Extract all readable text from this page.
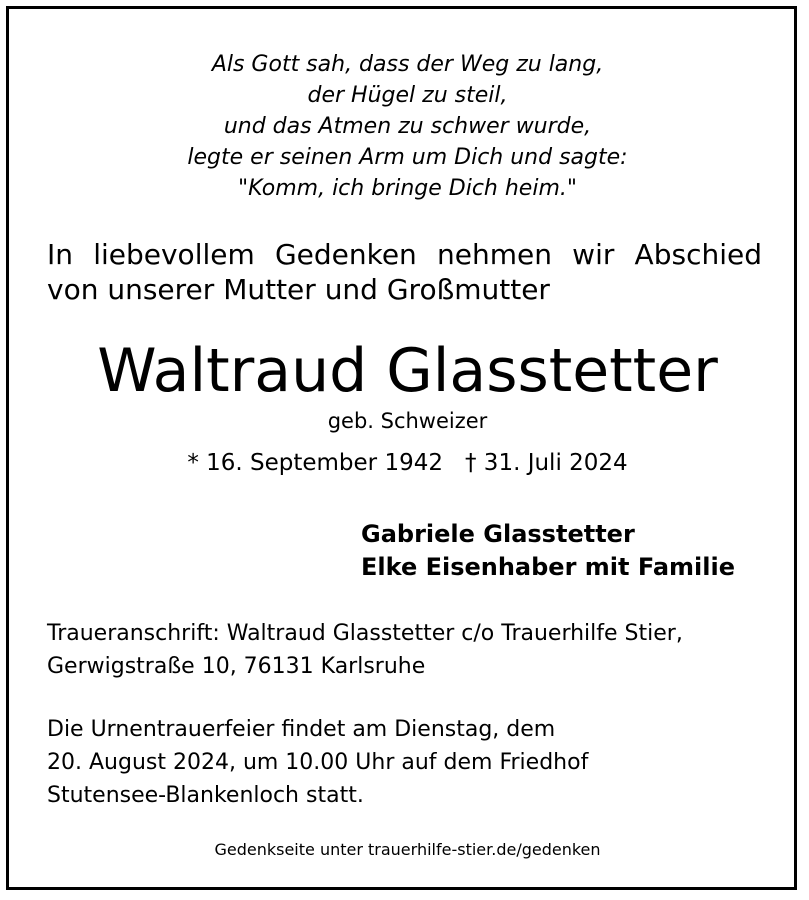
Als Gott sah, dass der Weg zu lang,
der Hügel zu steil,
und das Atmen zu schwer wurde,
legte er seinen Arm um Dich und sagte:
"Komm, ich bringe Dich heim."
In liebevollem Gedenken nehmen wir Abschied
von unserer Mutter und Großmutter
Waltraud Glasstetter
geb. Schweizer
* 16. September 1942 † 31. Juli 2024
Gabriele Glasstetter
Elke Eisenhaber mit Familie
Traueranschrift: Waltraud Glasstetter c/o Trauerhilfe Stier,
Gerwigstraße 10, 76131 Karlsruhe
Die Urnentrauerfeier findet am Dienstag, dem
20. August 2024, um 10.00 Uhr auf dem Friedhof
Stutensee-Blankenloch statt.
Gedenkseite unter trauerhilfe-stier.de/gedenken
